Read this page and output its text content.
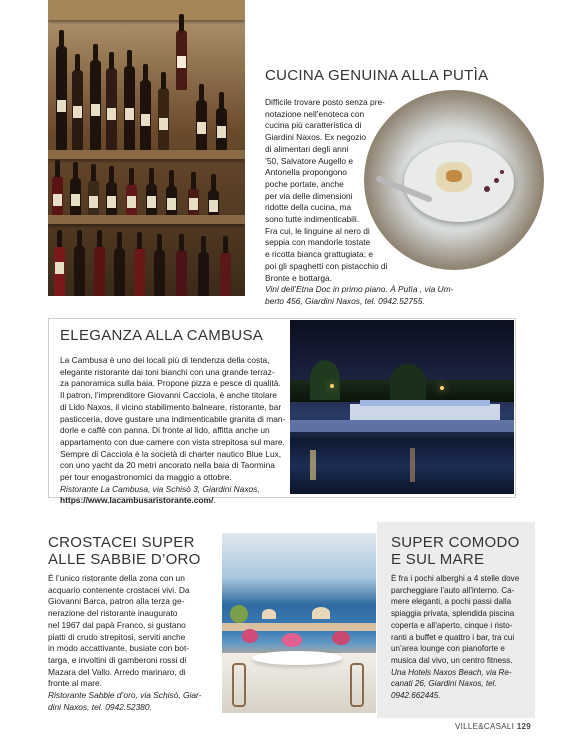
CUCINA GENUINA ALLA PUTÌA
Difficile trovare posto senza pre-
notazione nell’enoteca con
cucina più caratteristica di
Giardini Naxos. Ex negozio
di alimentari degli anni
’50, Salvatore Augello e
Antonella propongono
poche portate, anche
per via delle dimensioni
ridotte della cucina, ma
sono tutte indimenticabili.
Fra cui, le linguine al nero di
seppia con mandorle tostate
e ricotta bianca grattugiata; e
poi gli spaghetti con pistacchio di
Bronte e bottarga.
Vini dell’Etna Doc in primo piano. À Putìa , via Um-
berto 456, Giardini Naxos, tel. 0942.52755.
ELEGANZA ALLA CAMBUSA
La Cambusa è uno dei locali più di tendenza della costa,
elegante ristorante dai toni bianchi con una grande terraz-
za panoramica sulla baia. Propone pizza e pesce di qualità.
Il patron, l’imprenditore Giovanni Cacciola, è anche titolare
di Lido Naxos, il vicino stabilimento balneare, ristorante, bar
pasticceria, dove gustare una indimenticabile granita di man-
dorle e caffè con panna. Di fronte al lido, affitta anche un
appartamento con due camere con vista strepitosa sul mare.
Sempre di Cacciola è la società di charter nautico Blue Lux,
con uno yacht da 20 metri ancorato nella baia di Taormina
per tour enogastronomici da maggio a ottobre.
Ristorante La Cambusa, via Schisò 3, Giardini Naxos,
https://www.lacambusaristorante.com/.
CROSTACEI SUPER
ALLE SABBIE D’ORO
È l’unico ristorante della zona con un
acquario contenente crostacei vivi. Da
Giovanni Barca, patron alla terza ge-
nerazione del ristorante inaugurato
nel 1967 dal papà Franco, si gustano
piatti di crudo strepitosi, serviti anche
in modo accattivante, busiate con bot-
targa, e involtini di gamberoni rossi di
Mazara del Vallo. Arredo marinaro, di
fronte al mare.
Ristorante Sabbie d’oro, via Schisò, Giar-
dini Naxos, tel. 0942.52380.
SUPER COMODO
E SUL MARE
È fra i pochi alberghi a 4 stelle dove
parcheggiare l’auto all’interno. Ca-
mere eleganti, a pochi passi dalla
spiaggia privata, splendida piscina
coperta e all’aperto, cinque i risto-
ranti a buffet e quattro i bar, tra cui
un’area lounge con pianoforte e
musica dal vivo, un centro fitness.
Una Hotels Naxos Beach, via Re-
canati 26, Giardini Naxos, tel.
0942.662445.
VILLE&CASALI 129
